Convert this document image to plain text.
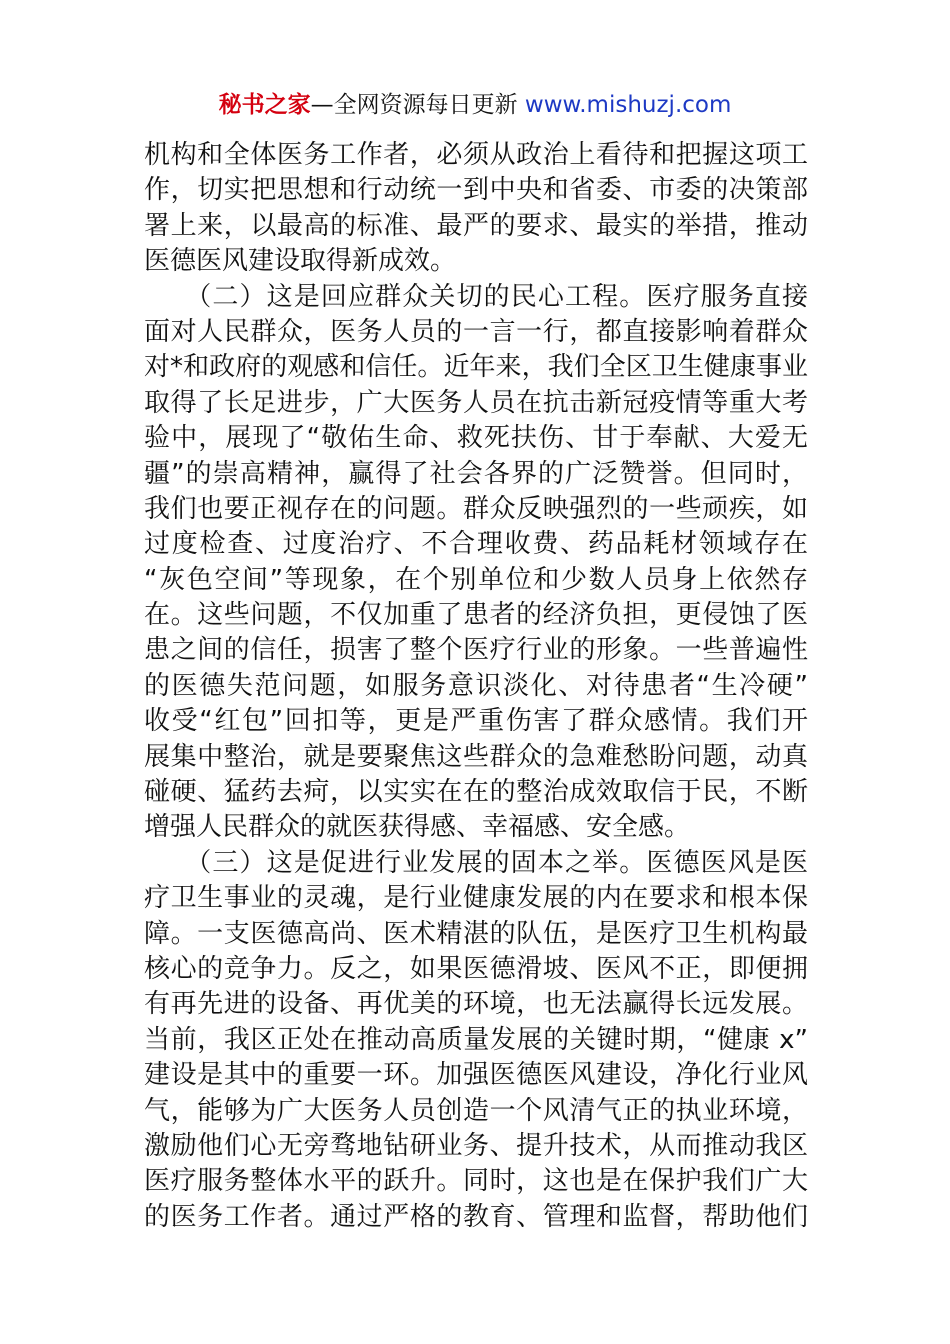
秘书之家—全网资源每日更新 www.mishuzj.com
机构和全体医务工作者，必须从政治上看待和把握这项工
作，切实把思想和行动统一到中央和省委、市委的决策部
署上来，以最高的标准、最严的要求、最实的举措，推动
医德医风建设取得新成效。
　　（二）这是回应群众关切的民心工程。医疗服务直接
面对人民群众，医务人员的一言一行，都直接影响着群众
对*和政府的观感和信任。近年来，我们全区卫生健康事业
取得了长足进步，广大医务人员在抗击新冠疫情等重大考
验中，展现了“敬佑生命、救死扶伤、甘于奉献、大爱无
疆”的崇高精神，赢得了社会各界的广泛赞誉。但同时，
我们也要正视存在的问题。群众反映强烈的一些顽疾，如
过度检查、过度治疗、不合理收费、药品耗材领域存在
“灰色空间”等现象，在个别单位和少数人员身上依然存
在。这些问题，不仅加重了患者的经济负担，更侵蚀了医
患之间的信任，损害了整个医疗行业的形象。一些普遍性
的医德失范问题，如服务意识淡化、对待患者“生冷硬”
收受“红包”回扣等，更是严重伤害了群众感情。我们开
展集中整治，就是要聚焦这些群众的急难愁盼问题，动真
碰硬、猛药去疴，以实实在在的整治成效取信于民，不断
增强人民群众的就医获得感、幸福感、安全感。
　　（三）这是促进行业发展的固本之举。医德医风是医
疗卫生事业的灵魂，是行业健康发展的内在要求和根本保
障。一支医德高尚、医术精湛的队伍，是医疗卫生机构最
核心的竞争力。反之，如果医德滑坡、医风不正，即便拥
有再先进的设备、再优美的环境，也无法赢得长远发展。
当前，我区正处在推动高质量发展的关键时期，“健康 x”
建设是其中的重要一环。加强医德医风建设，净化行业风
气，能够为广大医务人员创造一个风清气正的执业环境，
激励他们心无旁骛地钻研业务、提升技术，从而推动我区
医疗服务整体水平的跃升。同时，这也是在保护我们广大
的医务工作者。通过严格的教育、管理和监督，帮助他们
